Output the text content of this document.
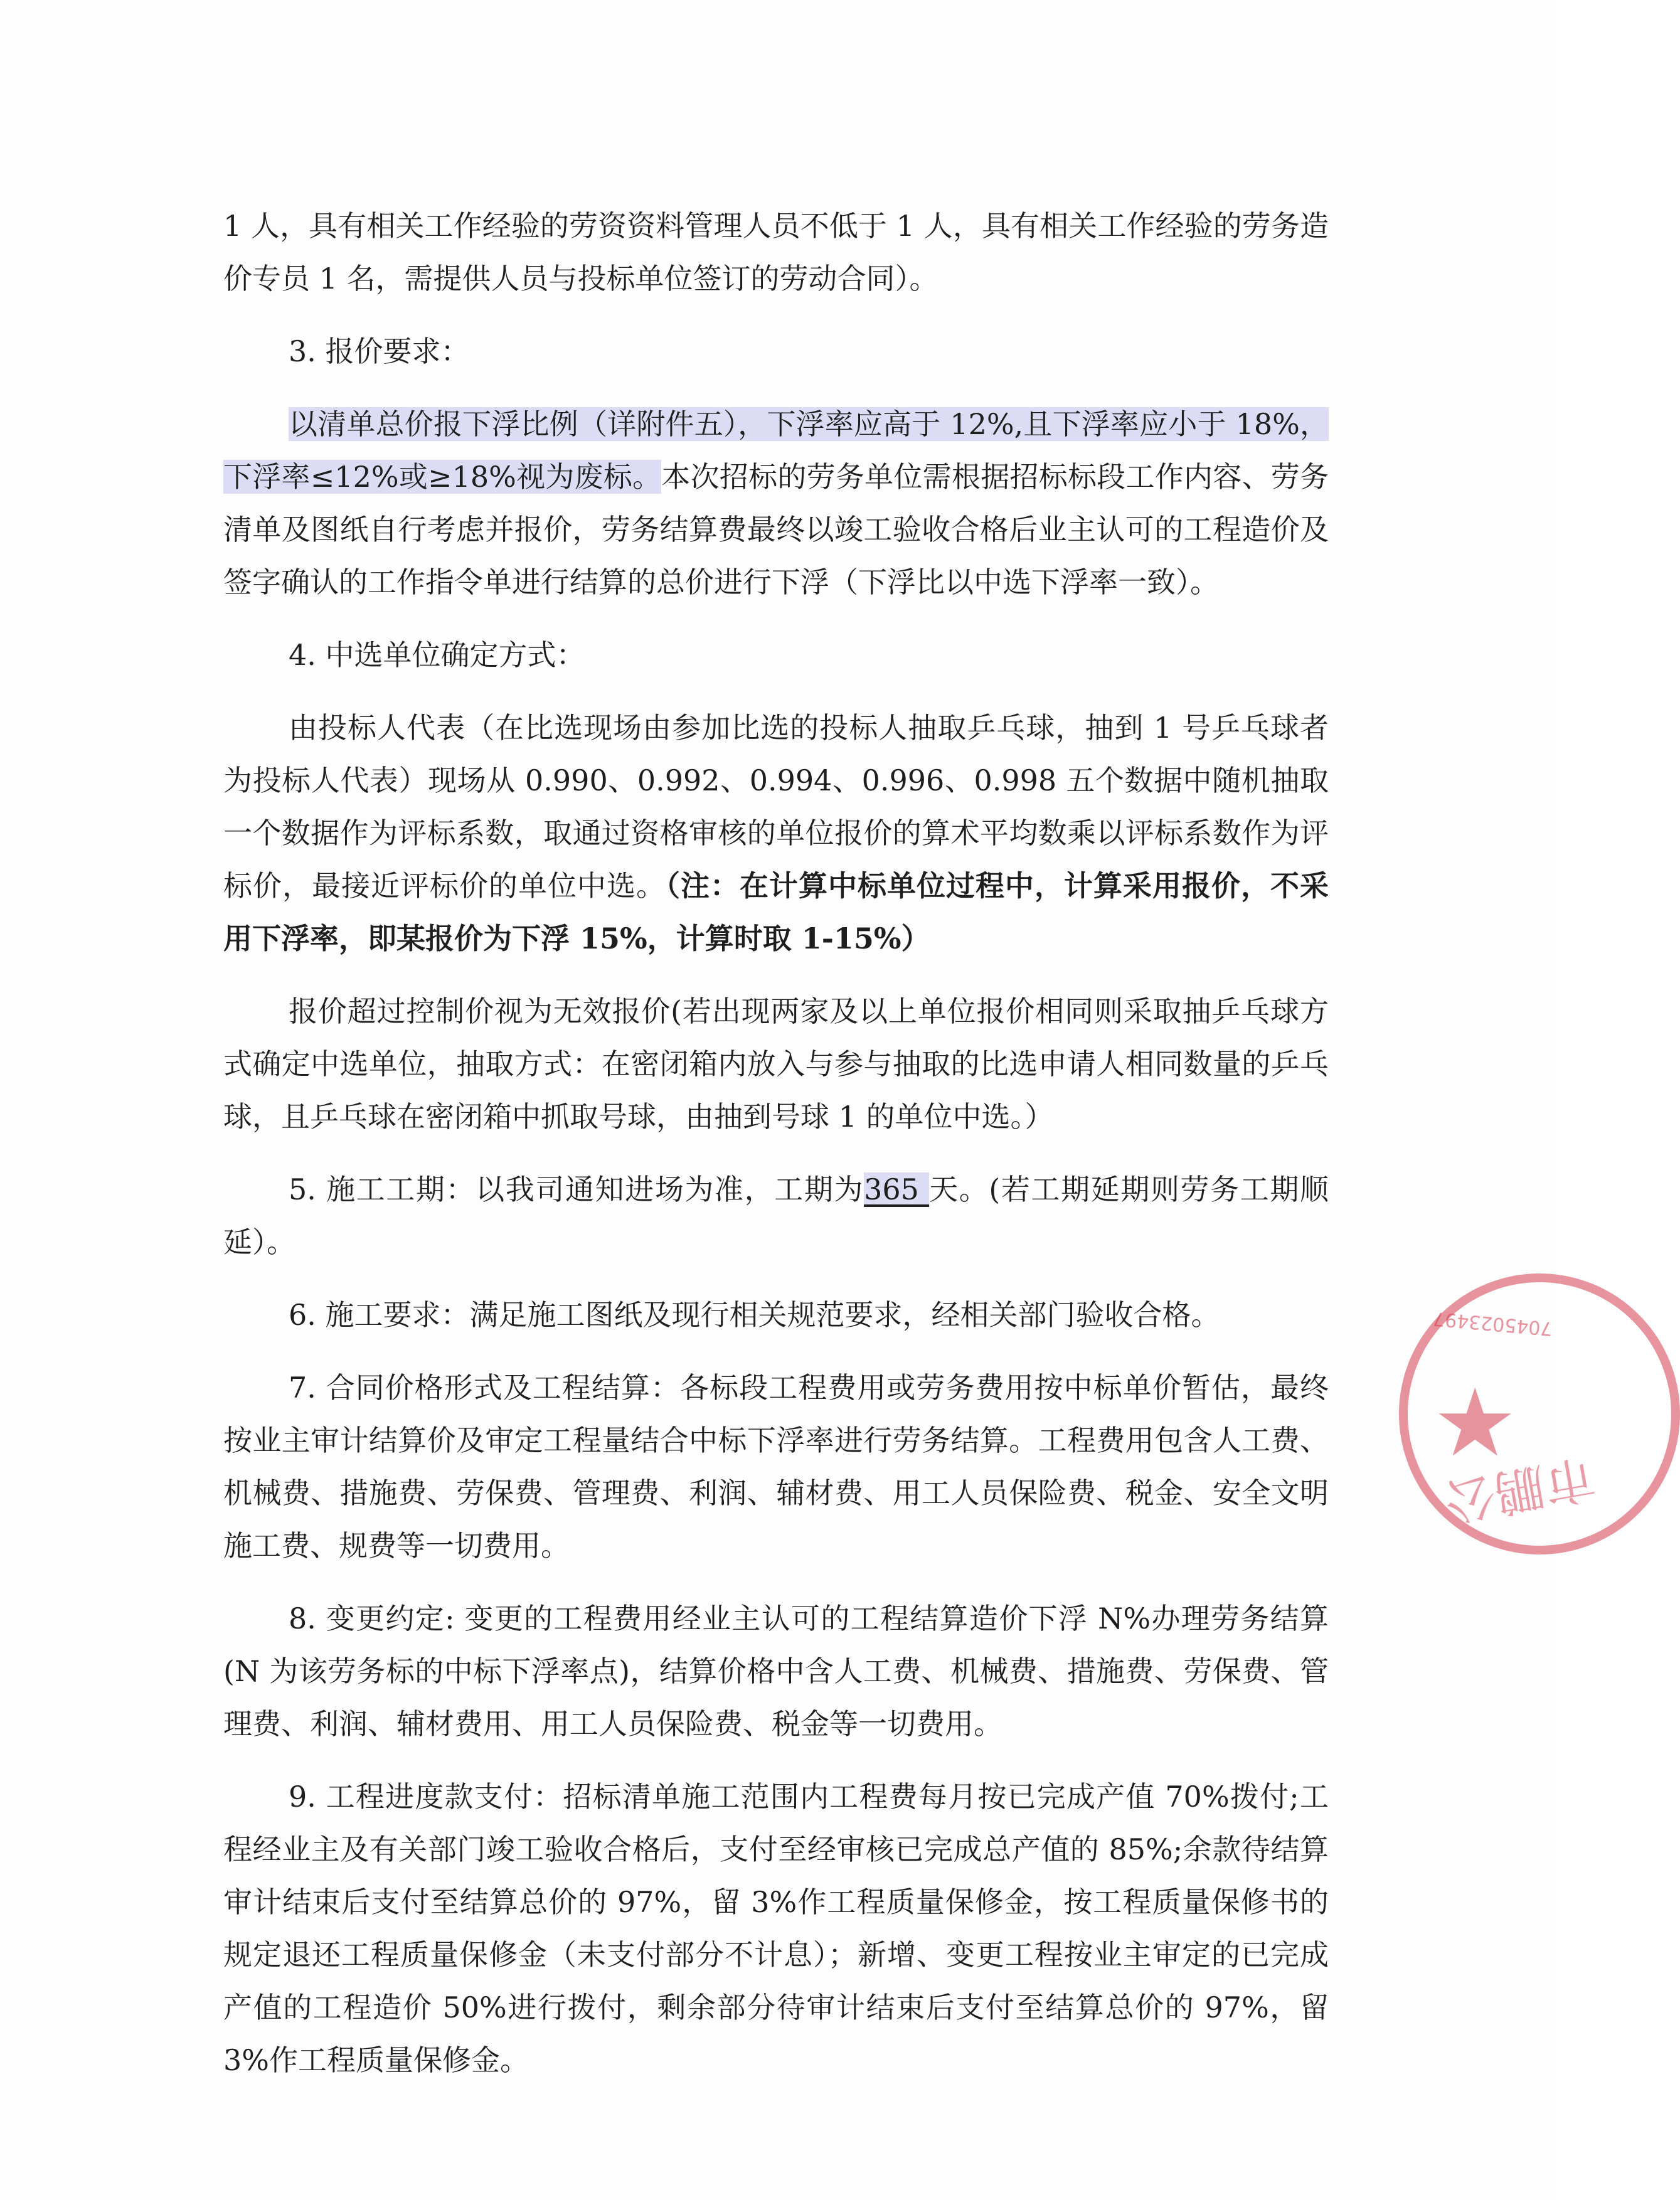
1 人，具有相关工作经验的劳资资料管理人员不低于 1 人，具有相关工作经验的劳务造价专员 1 名，需提供人员与投标单位签订的劳动合同）。

3. 报价要求：

以清单总价报下浮比例（详附件五），下浮率应高于 12%,且下浮率应小于 18%，下浮率≤12%或≥18%视为废标。本次招标的劳务单位需根据招标标段工作内容、劳务清单及图纸自行考虑并报价，劳务结算费最终以竣工验收合格后业主认可的工程造价及签字确认的工作指令单进行结算的总价进行下浮（下浮比以中选下浮率一致）。

4. 中选单位确定方式：

由投标人代表（在比选现场由参加比选的投标人抽取乒乓球，抽到 1 号乒乓球者为投标人代表）现场从 0.990、0.992、0.994、0.996、0.998 五个数据中随机抽取一个数据作为评标系数，取通过资格审核的单位报价的算术平均数乘以评标系数作为评标价，最接近评标价的单位中选。（注：在计算中标单位过程中，计算采用报价，不采用下浮率，即某报价为下浮 15%，计算时取 1-15%）

报价超过控制价视为无效报价(若出现两家及以上单位报价相同则采取抽乒乓球方式确定中选单位，抽取方式：在密闭箱内放入与参与抽取的比选申请人相同数量的乒乓球，且乒乓球在密闭箱中抓取号球，由抽到号球 1 的单位中选。）

5. 施工工期：以我司通知进场为准，工期为365 天。(若工期延期则劳务工期顺延）。

6. 施工要求：满足施工图纸及现行相关规范要求，经相关部门验收合格。

7. 合同价格形式及工程结算：各标段工程费用或劳务费用按中标单价暂估，最终按业主审计结算价及审定工程量结合中标下浮率进行劳务结算。工程费用包含人工费、机械费、措施费、劳保费、管理费、利润、辅材费、用工人员保险费、税金、安全文明施工费、规费等一切费用。

8. 变更约定: 变更的工程费用经业主认可的工程结算造价下浮 N%办理劳务结算 (N 为该劳务标的中标下浮率点)，结算价格中含人工费、机械费、措施费、劳保费、管理费、利润、辅材费用、用工人员保险费、税金等一切费用。

9. 工程进度款支付：招标清单施工范围内工程费每月按已完成产值 70%拨付;工程经业主及有关部门竣工验收合格后，支付至经审核已完成总产值的 85%;余款待结算审计结束后支付至结算总价的 97%，留 3%作工程质量保修金，按工程质量保修书的规定退还工程质量保修金（未支付部分不计息）；新增、变更工程按业主审定的已完成产值的工程造价 50%进行拨付，剩余部分待审计结束后支付至结算总价的 97%，留 3%作工程质量保修金。

7045023497
★
市鹏公
